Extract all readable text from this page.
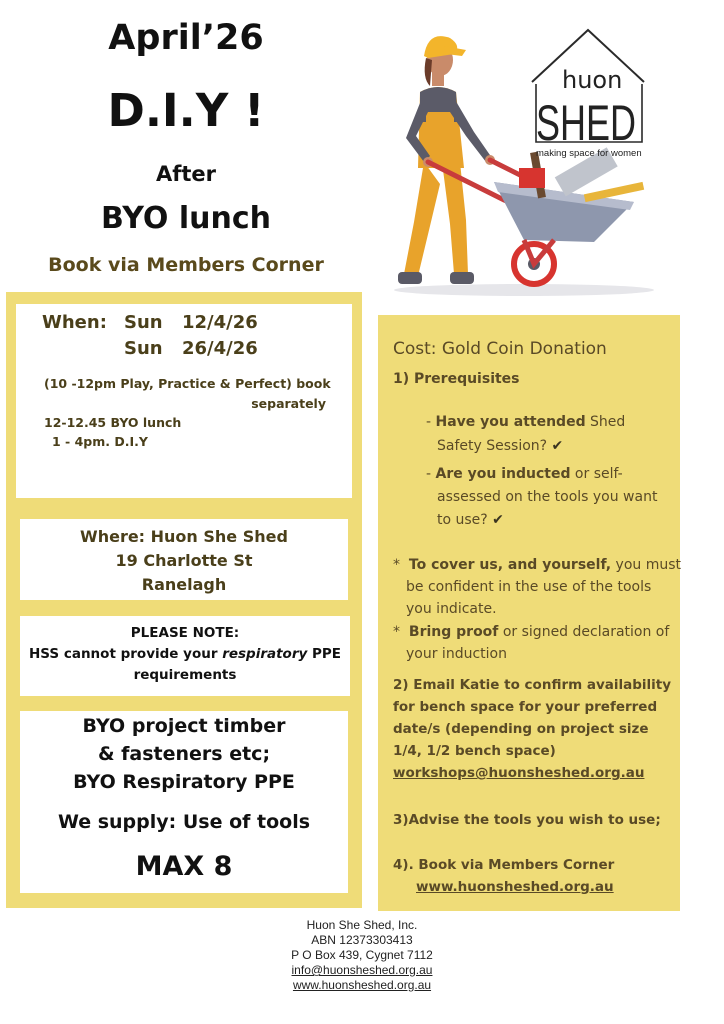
April’26
D.I.Y !
After
BYO lunch
Book via Members Corner
huon
SHED
making space for women
When: Sun 12/4/26
Sun 26/4/26
(10 -12pm Play, Practice & Perfect) book
separately
12-12.45 BYO lunch
1 - 4pm. D.I.Y
Where: Huon She Shed
19 Charlotte St
Ranelagh
PLEASE NOTE:
HSS cannot provide your respiratory PPE
requirements
BYO project timber
& fasteners etc;
BYO Respiratory PPE
We supply: Use of tools
MAX 8
Cost: Gold Coin Donation
1) Prerequisites
- Have you attended Shed
Safety Session? ✔
- Are you inducted or self-
assessed on the tools you want
to use? ✔
* To cover us, and yourself, you must
be confident in the use of the tools
you indicate.
* Bring proof or signed declaration of
your induction
2) Email Katie to confirm availability
for bench space for your preferred
date/s (depending on project size
1/4, 1/2 bench space)
workshops@huonsheshed.org.au
3)Advise the tools you wish to use;
4). Book via Members Corner
www.huonsheshed.org.au
Huon She Shed, Inc.
ABN 12373303413
P O Box 439, Cygnet 7112
info@huonsheshed.org.au
www.huonsheshed.org.au
